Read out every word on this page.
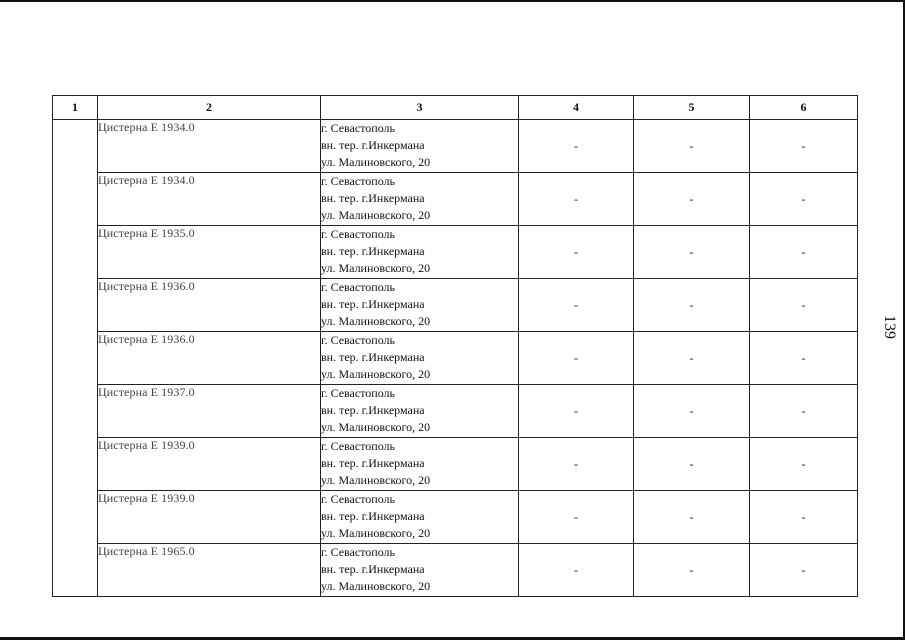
139
1	2	3	4	5	6
	Цистерна Е 1934.0	г. Севастополь
вн. тер. г.Инкермана
ул. Малиновского, 20	-	-	-
	Цистерна Е 1934.0	г. Севастополь
вн. тер. г.Инкермана
ул. Малиновского, 20	-	-	-
	Цистерна Е 1935.0	г. Севастополь
вн. тер. г.Инкермана
ул. Малиновского, 20	-	-	-
	Цистерна Е 1936.0	г. Севастополь
вн. тер. г.Инкермана
ул. Малиновского, 20	-	-	-
	Цистерна Е 1936.0	г. Севастополь
вн. тер. г.Инкермана
ул. Малиновского, 20	-	-	-
	Цистерна Е 1937.0	г. Севастополь
вн. тер. г.Инкермана
ул. Малиновского, 20	-	-	-
	Цистерна Е 1939.0	г. Севастополь
вн. тер. г.Инкермана
ул. Малиновского, 20	-	-	-
	Цистерна Е 1939.0	г. Севастополь
вн. тер. г.Инкермана
ул. Малиновского, 20	-	-	-
	Цистерна Е 1965.0	г. Севастополь
вн. тер. г.Инкермана
ул. Малиновского, 20	-	-	-
